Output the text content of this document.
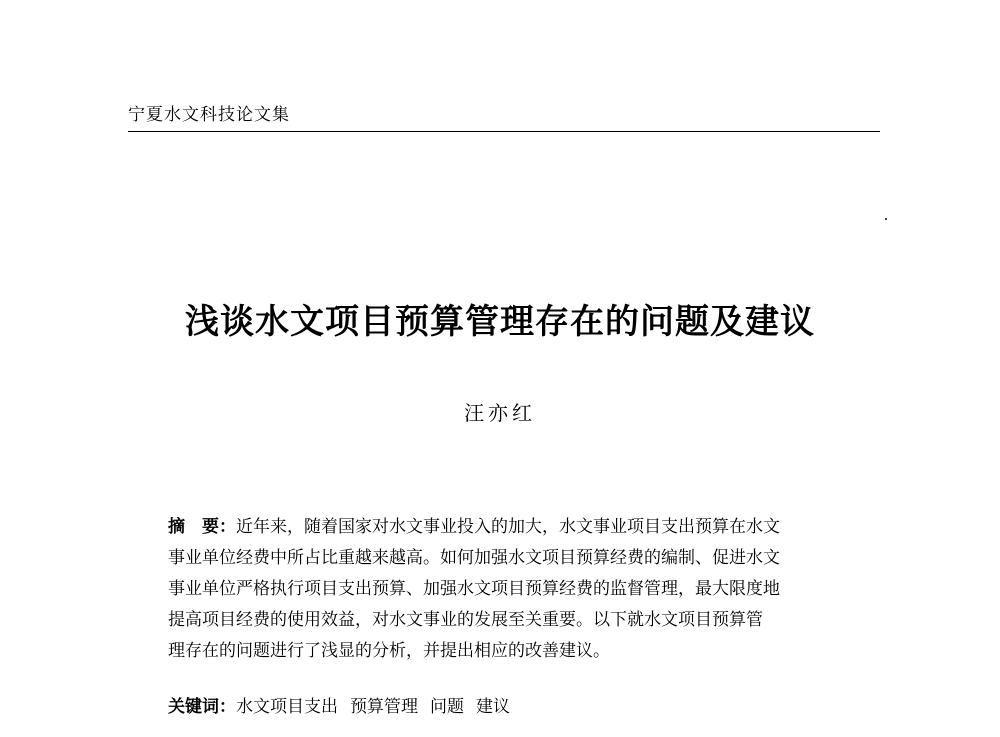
宁夏水文科技论文集
浅谈水文项目预算管理存在的问题及建议
汪亦红
摘　要：近年来，随着国家对水文事业投入的加大，水文事业项目支出预算在水文
事业单位经费中所占比重越来越高。如何加强水文项目预算经费的编制、促进水文
事业单位严格执行项目支出预算、加强水文项目预算经费的监督管理，最大限度地
提高项目经费的使用效益，对水文事业的发展至关重要。以下就水文项目预算管
理存在的问题进行了浅显的分析，并提出相应的改善建议。
关键词：水文项目支出 预算管理 问题 建议
